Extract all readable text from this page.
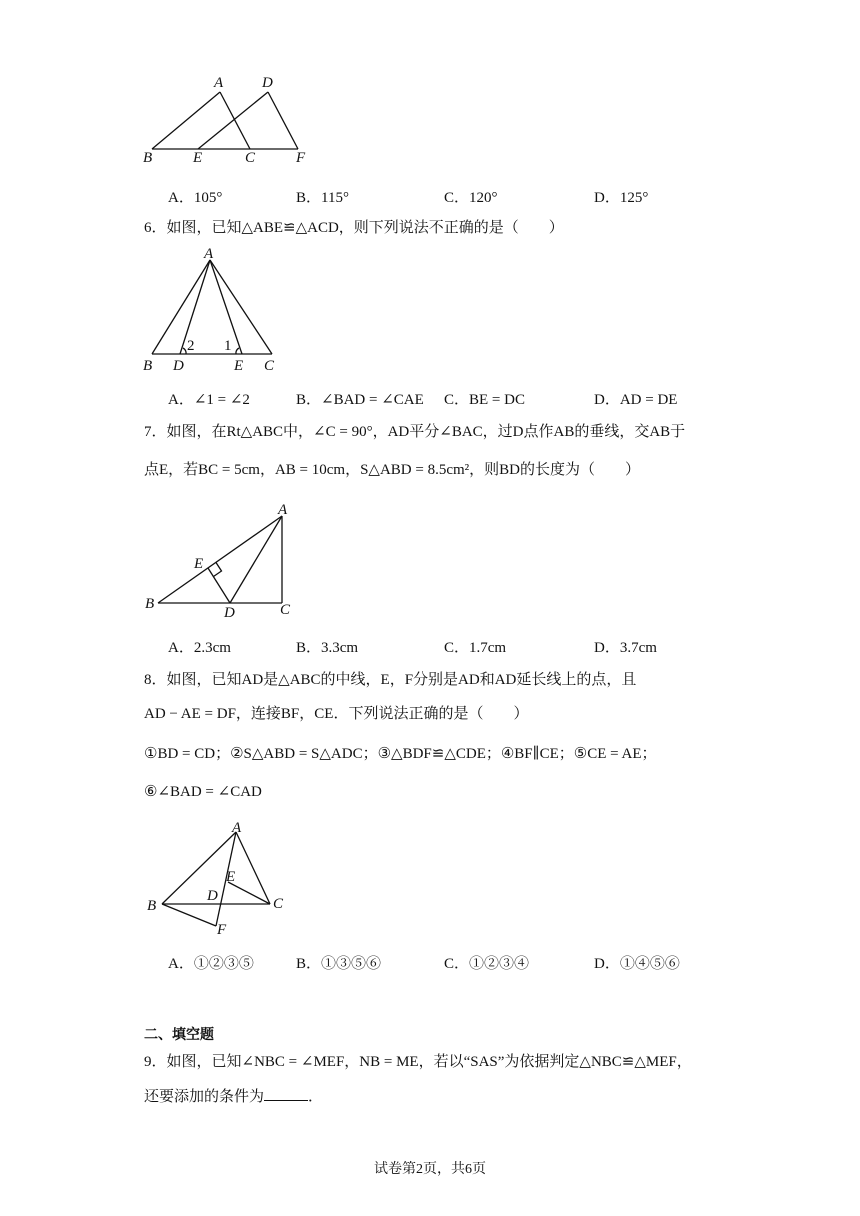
A	D
B	E	C	F
A．105°	B．115°	C．120°	D．125°
6．如图，已知△ABE≌△ACD，则下列说法不正确的是（　　）
A
B D	E C
2 1
A．∠1 = ∠2	B．∠BAD = ∠CAE C．BE = DC	D．AD = DE
7．如图，在Rt△ABC中，∠C = 90°，AD平分∠BAC，过D点作AB的垂线，交AB于
点E，若BC = 5cm，AB = 10cm，S△ABD = 8.5cm²，则BD的长度为（　　）
A
E
B
D	C
A．2.3cm	B．3.3cm	C．1.7cm	D．3.7cm
8．如图，已知AD是△ABC的中线，E，F分别是AD和AD延长线上的点，且
AD − AE = DF，连接BF，CE．下列说法正确的是（　　）
①BD = CD；②S△ABD = S△ADC；③△BDF≌△CDE；④BF∥CE；⑤CE = AE；
⑥∠BAD = ∠CAD
A
E
B
D	C
F
A．①②③⑤	B．①③⑤⑥	C．①②③④	D．①④⑤⑥
二、填空题
9．如图，已知∠NBC = ∠MEF，NB = ME，若以“SAS”为依据判定△NBC≌△MEF，
还要添加的条件为	．
试卷第2页，共6页
